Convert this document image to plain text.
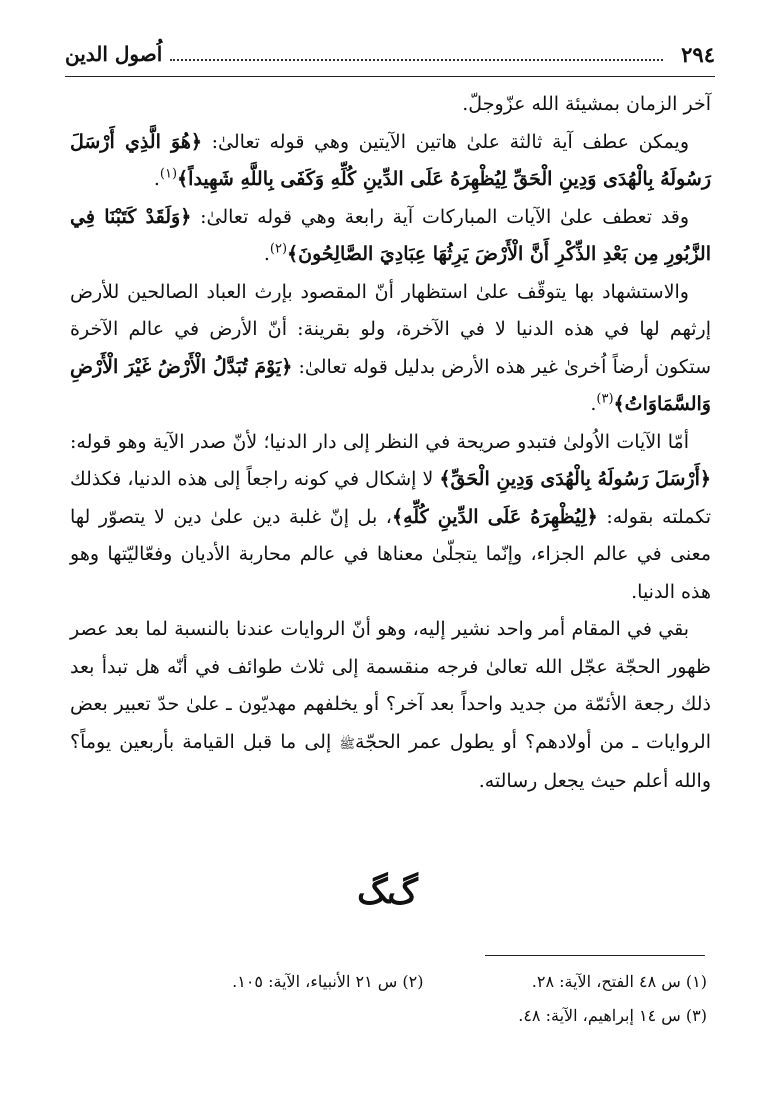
٢٩٤
اُصول الدين

آخر الزمان بمشيئة الله عزّوجلّ.

ويمكن عطف آية ثالثة علىٰ هاتين الآيتين وهي قوله تعالىٰ: ﴿هُوَ الَّذِي أَرْسَلَ رَسُولَهُ بِالْهُدَى وَدِينِ الْحَقِّ لِيُظْهِرَهُ عَلَى الدِّينِ كُلِّهِ وَكَفَى بِاللَّهِ شَهِيداً﴾$^{(١)}$.

وقد تعطف علىٰ الآيات المباركات آية رابعة وهي قوله تعالىٰ: ﴿وَلَقَدْ كَتَبْنَا فِي الزَّبُورِ مِن بَعْدِ الذِّكْرِ أَنَّ الْأَرْضَ يَرِثُهَا عِبَادِيَ الصَّالِحُونَ﴾$^{(٢)}$.

والاستشهاد بها يتوقّف علىٰ استظهار أنّ المقصود بإرث العباد الصالحين للأرض إرثهم لها في هذه الدنيا لا في الآخرة، ولو بقرينة: أنّ الأرض في عالم الآخرة ستكون أرضاً اُخرىٰ غير هذه الأرض بدليل قوله تعالىٰ: ﴿يَوْمَ تُبَدَّلُ الْأَرْضُ غَيْرَ الْأَرْضِ وَالسَّمَاوَاتُ﴾$^{(٣)}$.

أمّا الآيات الاُولىٰ فتبدو صريحة في النظر إلى دار الدنيا؛ لأنّ صدر الآية وهو قوله: ﴿أَرْسَلَ رَسُولَهُ بِالْهُدَى وَدِينِ الْحَقِّ﴾ لا إشكال في كونه راجعاً إلى هذه الدنيا، فكذلك تكملته بقوله: ﴿لِيُظْهِرَهُ عَلَى الدِّينِ كُلِّهِ﴾، بل إنّ غلبة دين علىٰ دين لا يتصوّر لها معنى في عالم الجزاء، وإنّما يتجلّىٰ معناها في عالم محاربة الأديان وفعّاليّتها وهو هذه الدنيا.

بقي في المقام أمر واحد نشير إليه، وهو أنّ الروايات عندنا بالنسبة لما بعد عصر ظهور الحجّة عجّل الله تعالىٰ فرجه منقسمة إلى ثلاث طوائف في أنّه هل تبدأ بعد ذلك رجعة الأئمّة من جديد واحداً بعد آخر؟ أو يخلفهم مهديّون ـ علىٰ حدّ تعبير بعض الروايات ـ من أولادهم؟ أو يطول عمر الحجّةﷺ إلى ما قبل القيامة بأربعين يوماً؟ والله أعلم حيث يجعل رسالته.

ﮒﮓ
(١) س ٤٨ الفتح، الآية: ٢٨.
(٢) س ٢١ الأنبياء، الآية: ١٠٥.
(٣) س ١٤ إبراهيم، الآية: ٤٨.
